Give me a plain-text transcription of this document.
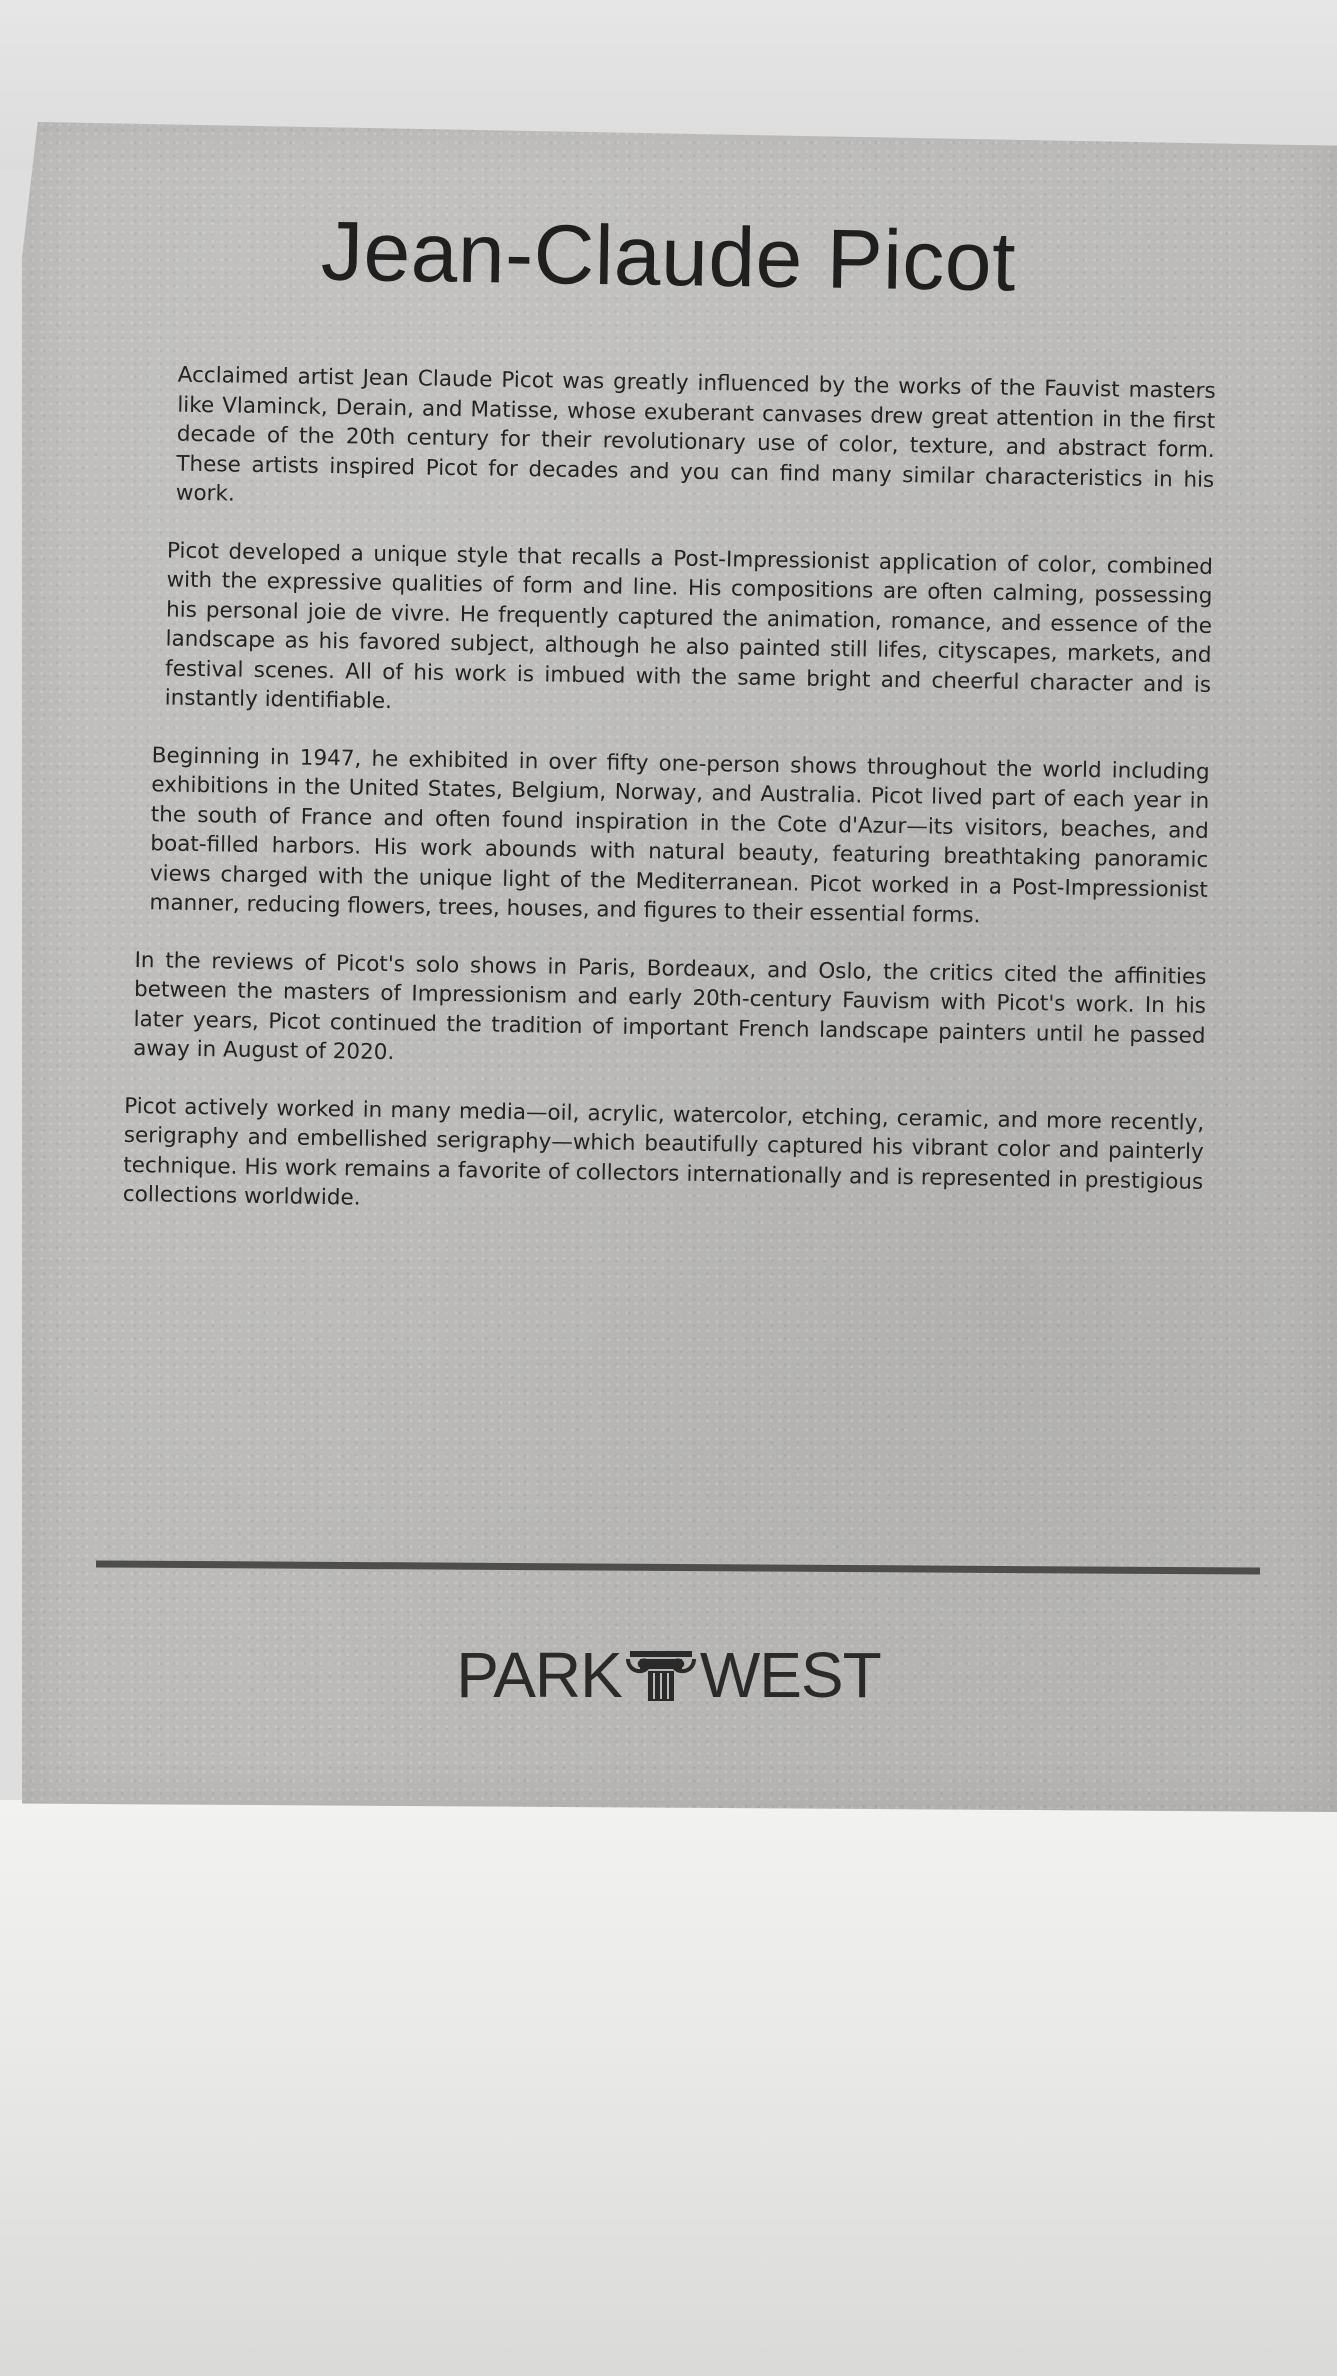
Jean-Claude Picot

Acclaimed artist Jean Claude Picot was greatly influenced by the works of the Fauvist masters like Vlaminck, Derain, and Matisse, whose exuberant canvases drew great attention in the first decade of the 20th century for their revolutionary use of color, texture, and abstract form. These artists inspired Picot for decades and you can find many similar characteristics in his work.

Picot developed a unique style that recalls a Post-Impressionist application of color, combined with the expressive qualities of form and line. His compositions are often calming, possessing his personal joie de vivre. He frequently captured the animation, romance, and essence of the landscape as his favored subject, although he also painted still lifes, cityscapes, markets, and festival scenes. All of his work is imbued with the same bright and cheerful character and is instantly identifiable.

Beginning in 1947, he exhibited in over fifty one-person shows throughout the world including exhibitions in the United States, Belgium, Norway, and Australia. Picot lived part of each year in the south of France and often found inspiration in the Cote d'Azur—its visitors, beaches, and boat-filled harbors. His work abounds with natural beauty, featuring breathtaking panoramic views charged with the unique light of the Mediterranean. Picot worked in a Post-Impressionist manner, reducing flowers, trees, houses, and figures to their essential forms.

In the reviews of Picot's solo shows in Paris, Bordeaux, and Oslo, the critics cited the affinities between the masters of Impressionism and early 20th-century Fauvism with Picot's work. In his later years, Picot continued the tradition of important French landscape painters until he passed away in August of 2020.

Picot actively worked in many media—oil, acrylic, watercolor, etching, ceramic, and more recently, serigraphy and embellished serigraphy—which beautifully captured his vibrant color and painterly technique. His work remains a favorite of collectors internationally and is represented in prestigious collections worldwide.

PARK WEST
